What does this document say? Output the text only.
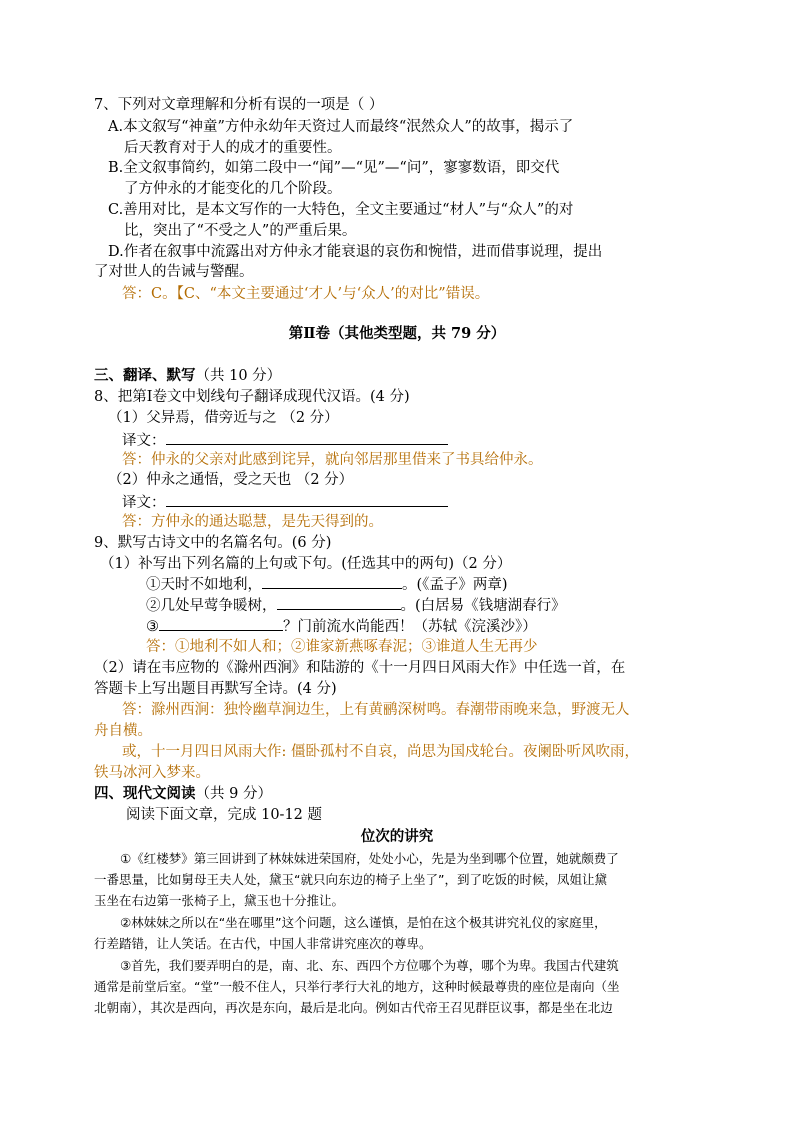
7、下列对文章理解和分析有误的一项是（ ）
A.本文叙写“神童”方仲永幼年天资过人而最终“泯然众人”的故事，揭示了
后天教育对于人的成才的重要性。
B.全文叙事简约，如第二段中一“闻”—“见”—“问”，寥寥数语，即交代
了方仲永的才能变化的几个阶段。
C.善用对比，是本文写作的一大特色，全文主要通过“材人”与“众人”的对
比，突出了“不受之人”的严重后果。
D.作者在叙事中流露出对方仲永才能衰退的哀伤和惋惜，进而借事说理，提出
了对世人的告诫与警醒。
答：C。【C、“本文主要通过‘才人’与‘众人’的对比”错误。
第Ⅱ卷（其他类型题，共 79 分）
三、翻译、默写（共 10 分）
8、把第Ⅰ卷文中划线句子翻译成现代汉语。(4 分)
（1）父异焉，借旁近与之 （2 分）
译文：
答：仲永的父亲对此感到诧异，就向邻居那里借来了书具给仲永。
（2）仲永之通悟，受之天也 （2 分）
译文：
答：方仲永的通达聪慧，是先天得到的。
9、默写古诗文中的名篇名句。(6 分)
（1）补写出下列名篇的上句或下句。(任选其中的两句)（2 分）
①天时不如地利，	。(《孟子》两章)
②几处早莺争暖树，	。(白居易《钱塘湖春行》
③	？门前流水尚能西！（苏轼《浣溪沙》）
答：①地利不如人和；②谁家新燕啄春泥；③谁道人生无再少
（2）请在韦应物的《滁州西涧》和陆游的《十一月四日风雨大作》中任选一首，在
答题卡上写出题目再默写全诗。(4 分)
答：滁州西涧：独怜幽草涧边生，上有黄鹂深树鸣。春潮带雨晚来急，野渡无人
舟自横。
或，十一月四日风雨大作: 僵卧孤村不自哀，尚思为国戍轮台。夜阑卧听风吹雨，
铁马冰河入梦来。
四、现代文阅读（共 9 分）
阅读下面文章，完成 10-12 题
位次的讲究
①《红楼梦》第三回讲到了林妹妹进荣国府，处处小心，先是为坐到哪个位置，她就颇费了
一番思量，比如舅母王夫人处，黛玉“就只向东边的椅子上坐了”，到了吃饭的时候，凤姐让黛
玉坐在右边第一张椅子上，黛玉也十分推让。
②林妹妹之所以在“坐在哪里”这个问题，这么谨慎，是怕在这个极其讲究礼仪的家庭里，
行差踏错，让人笑话。在古代，中国人非常讲究座次的尊卑。
③首先，我们要弄明白的是，南、北、东、西四个方位哪个为尊，哪个为卑。我国古代建筑
通常是前堂后室。“堂”一般不住人，只举行孝行大礼的地方，这种时候最尊贵的座位是南向（坐
北朝南），其次是西向，再次是东向，最后是北向。例如古代帝王召见群臣议事，都是坐在北边
